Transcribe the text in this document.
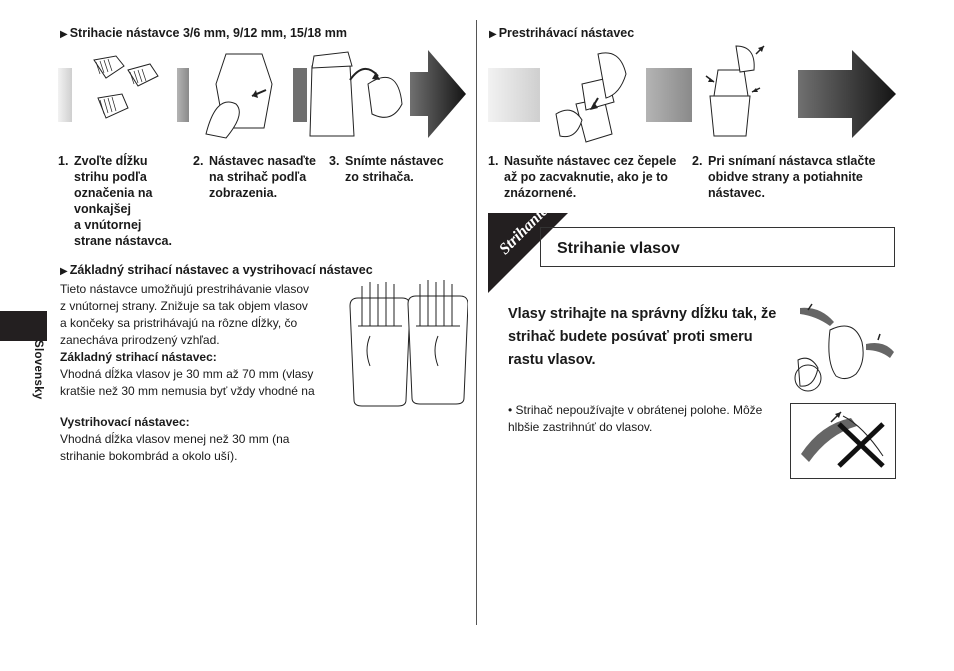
Slovensky
▶ Strihacie nástavce 3/6 mm, 9/12 mm, 15/18 mm
1. Zvoľte dĺžku
strihu podľa
označenia na
vonkajšej
a vnútornej
strane nástavca.
2. Nástavec nasaďte
na strihač podľa
zobrazenia.
3. Snímte nástavec
zo strihača.
▶ Základný strihací nástavec a vystrihovací nástavec
Tieto nástavce umožňujú prestrihávanie vlasov
z vnútornej strany. Znižuje sa tak objem vlasov
a končeky sa pristrihávajú na rôzne dĺžky, čo
zanecháva prirodzený vzhľad.
Základný strihací nástavec:
Vhodná dĺžka vlasov je 30 mm až 70 mm (vlasy
kratšie než 30 mm nemusia byť vždy vhodné na
Vystrihovací nástavec:
Vhodná dĺžka vlasov menej než 30 mm (na
strihanie bokombrád a okolo uší).
▶ Prestrihávací nástavec
1. Nasuňte nástavec cez čepele
až po zacvaknutie, ako je to
znázornené.
2. Pri snímaní nástavca stlačte
obidve strany a potiahnite
nástavec.
Strihanie Strihanie vlasov
Vlasy strihajte na správny dĺžku tak, že
strihač budete posúvať proti smeru
rastu vlasov.
• Strihač nepoužívajte v obrátenej polohe. Môže hlbšie zastrihnúť do vlasov.
